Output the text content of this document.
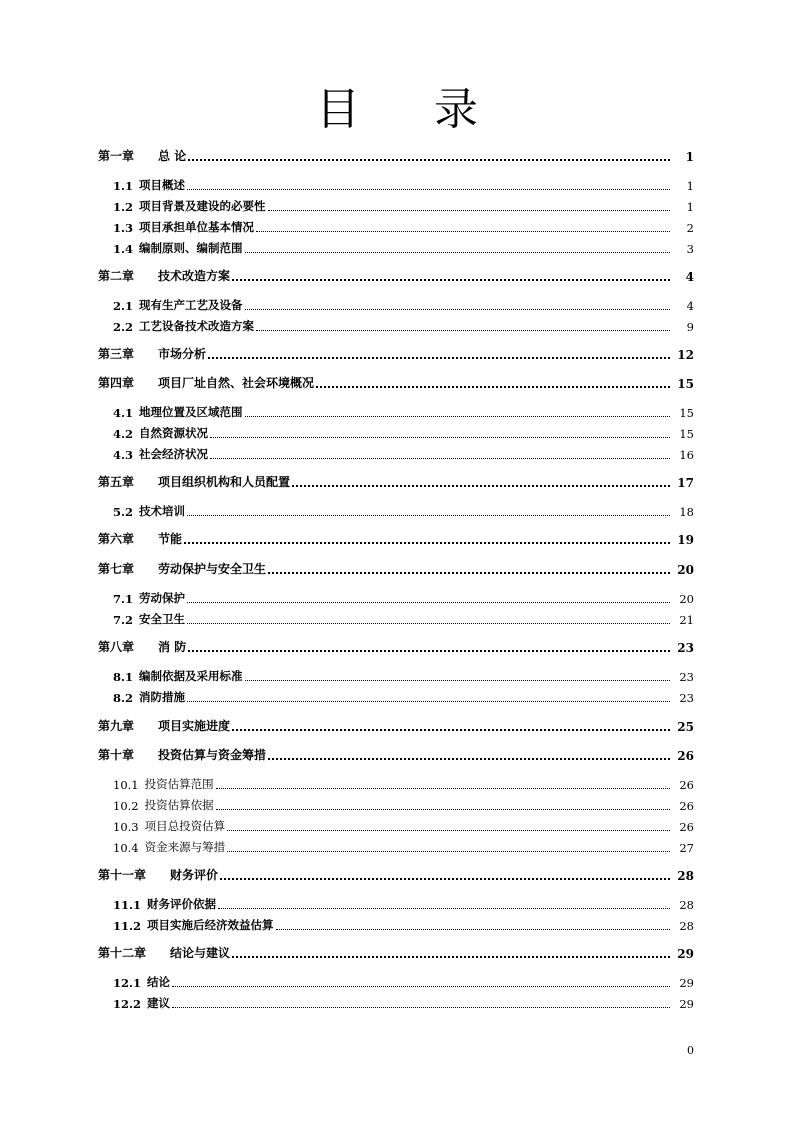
目 录
第一章 总 论	1
1.1 项目概述	1
1.2 项目背景及建设的必要性	1
1.3 项目承担单位基本情况	2
1.4 编制原则、编制范围	3
第二章 技术改造方案	4
2.1 现有生产工艺及设备	4
2.2 工艺设备技术改造方案	9
第三章 市场分析	12
第四章 项目厂址自然、社会环境概况	15
4.1 地理位置及区域范围	15
4.2 自然资源状况	15
4.3 社会经济状况	16
第五章 项目组织机构和人员配置	17
5.2 技术培训	18
第六章 节能	19
第七章 劳动保护与安全卫生	20
7.1 劳动保护	20
7.2 安全卫生	21
第八章 消 防	23
8.1 编制依据及采用标准	23
8.2 消防措施	23
第九章 项目实施进度	25
第十章 投资估算与资金筹措	26
10.1 投资估算范围	26
10.2 投资估算依据	26
10.3 项目总投资估算	26
10.4 资金来源与筹措	27
第十一章 财务评价	28
11.1 财务评价依据	28
11.2 项目实施后经济效益估算	28
第十二章 结论与建议	29
12.1 结论	29
12.2 建议	29
0
